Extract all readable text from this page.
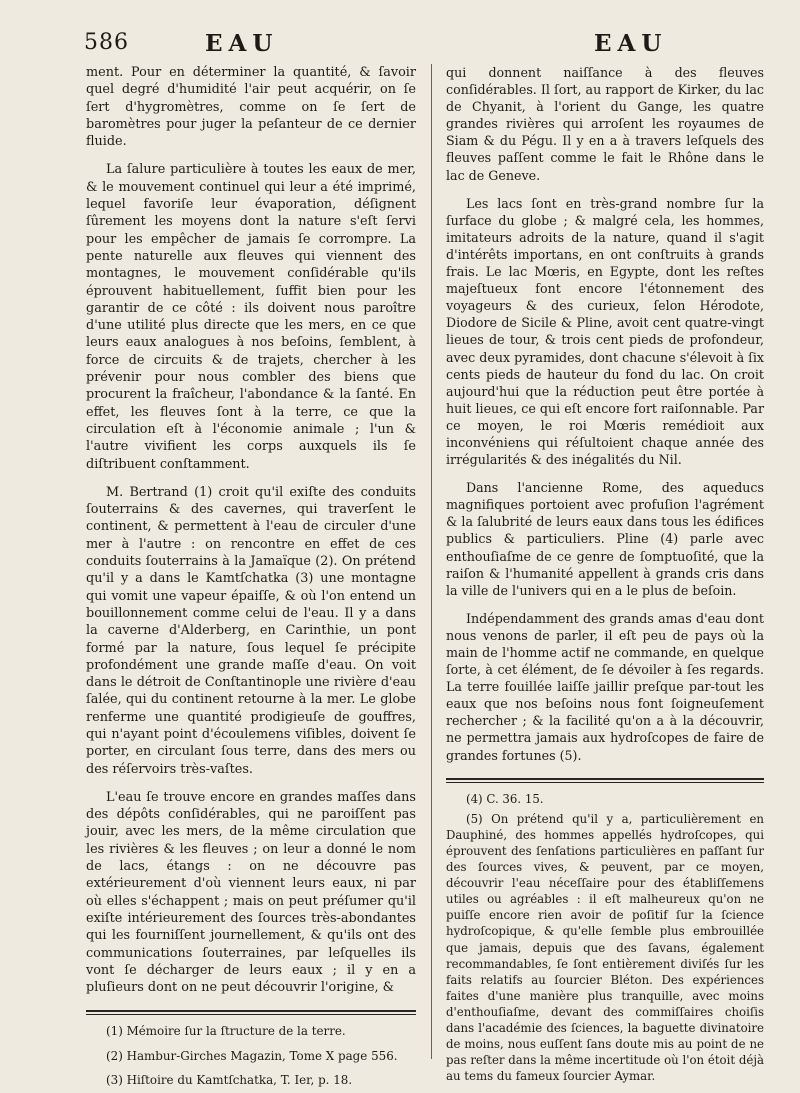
586	EAU	EAU

ment. Pour en déterminer la quantité, & ſavoir quel degré d'humidité l'air peut acquérir, on ſe ſert d'hygromètres, comme on ſe ſert de baromètres pour juger la peſanteur de ce dernier fluide.

La ſalure particulière à toutes les eaux de mer, & le mouvement continuel qui leur a été imprimé, lequel favoriſe leur évaporation, déſignent ſûrement les moyens dont la nature s'eſt ſervi pour les empêcher de jamais ſe corrompre. La pente naturelle aux fleuves qui viennent des montagnes, le mouvement conſidérable qu'ils éprouvent habituellement, ſuffit bien pour les garantir de ce côté : ils doivent nous paroître d'une utilité plus directe que les mers, en ce que leurs eaux analogues à nos beſoins, ſemblent, à force de circuits & de trajets, chercher à les prévenir pour nous combler des biens que procurent la fraîcheur, l'abondance & la ſanté. En effet, les fleuves ſont à la terre, ce que la circulation eſt à l'économie animale ; l'un & l'autre vivifient les corps auxquels ils ſe diſtribuent conſtamment.

M. Bertrand (1) croit qu'il exiſte des conduits ſouterrains & des cavernes, qui traverſent le continent, & permettent à l'eau de circuler d'une mer à l'autre : on rencontre en effet de ces conduits ſouterrains à la Jamaïque (2). On prétend qu'il y a dans le Kamtſchatka (3) une montagne qui vomit une vapeur épaiſſe, & où l'on entend un bouillonnement comme celui de l'eau. Il y a dans la caverne d'Alderberg, en Carinthie, un pont formé par la nature, ſous lequel ſe précipite profondément une grande maſſe d'eau. On voit dans le détroit de Conſtantinople une rivière d'eau ſalée, qui du continent retourne à la mer. Le globe renferme une quantité prodigieuſe de gouffres, qui n'ayant point d'écoulemens viſibles, doivent ſe porter, en circulant ſous terre, dans des mers ou des réſervoirs très-vaſtes.

L'eau ſe trouve encore en grandes maſſes dans des dépôts conſidérables, qui ne paroiſſent pas jouir, avec les mers, de la même circulation que les rivières & les fleuves ; on leur a donné le nom de lacs, étangs : on ne découvre pas extérieurement d'où viennent leurs eaux, ni par où elles s'échappent ; mais on peut préſumer qu'il exiſte intérieurement des ſources très-abondantes qui les fourniſſent journellement, & qu'ils ont des communications ſouterraines, par leſquelles ils vont ſe décharger de leurs eaux ; il y en a pluſieurs dont on ne peut découvrir l'origine, &

(1) Mémoire ſur la ſtructure de la terre.

(2) Hambur-Girches Magazin, Tome X page 556.

(3) Hiſtoire du Kamtſchatka, T. Ier, p. 18.

qui donnent naiſſance à des fleuves conſidérables. Il ſort, au rapport de Kirker, du lac de Chyanit, à l'orient du Gange, les quatre grandes rivières qui arroſent les royaumes de Siam & du Pégu. Il y en a à travers leſquels des fleuves paſſent comme le fait le Rhône dans le lac de Geneve.

Les lacs ſont en très-grand nombre ſur la ſurface du globe ; & malgré cela, les hommes, imitateurs adroits de la nature, quand il s'agit d'intérêts importans, en ont conſtruits à grands frais. Le lac Mœris, en Egypte, dont les reſtes majeſtueux font encore l'étonnement des voyageurs & des curieux, ſelon Hérodote, Diodore de Sicile & Pline, avoit cent quatre-vingt lieues de tour, & trois cent pieds de profondeur, avec deux pyramides, dont chacune s'élevoit à ſix cents pieds de hauteur du fond du lac. On croit aujourd'hui que la réduction peut être portée à huit lieues, ce qui eſt encore fort raiſonnable. Par ce moyen, le roi Mœris remédioit aux inconvéniens qui réſultoient chaque année des irrégularités & des inégalités du Nil.

Dans l'ancienne Rome, des aqueducs magnifiques portoient avec profuſion l'agrément & la ſalubrité de leurs eaux dans tous les édifices publics & particuliers. Pline (4) parle avec enthouſiaſme de ce genre de ſomptuoſité, que la raiſon & l'humanité appellent à grands cris dans la ville de l'univers qui en a le plus de beſoin.

Indépendamment des grands amas d'eau dont nous venons de parler, il eſt peu de pays où la main de l'homme actif ne commande, en quelque ſorte, à cet élément, de ſe dévoiler à ſes regards. La terre fouillée laiſſe jaillir preſque par-tout les eaux que nos beſoins nous font ſoigneuſement rechercher ; & la facilité qu'on a à la découvrir, ne permettra jamais aux hydroſcopes de faire de grandes fortunes (5).

(4) C. 36. 15.

(5) On prétend qu'il y a, particulièrement en Dauphiné, des hommes appellés hydroſcopes, qui éprouvent des ſenſations particulières en paſſant ſur des ſources vives, & peuvent, par ce moyen, découvrir l'eau néceſſaire pour des établiſſemens utiles ou agréables : il eſt malheureux qu'on ne puiſſe encore rien avoir de poſitif ſur la ſcience hydroſcopique, & qu'elle ſemble plus embrouillée que jamais, depuis que des ſavans, également recommandables, ſe ſont entièrement diviſés ſur les faits relatifs au ſourcier Bléton. Des expériences faites d'une manière plus tranquille, avec moins d'enthouſiaſme, devant des commiſſaires choiſis dans l'académie des ſciences, la baguette divinatoire de moins, nous euſſent ſans doute mis au point de ne pas reſter dans la même incertitude où l'on étoit déjà au tems du fameux ſourcier Aymar.
